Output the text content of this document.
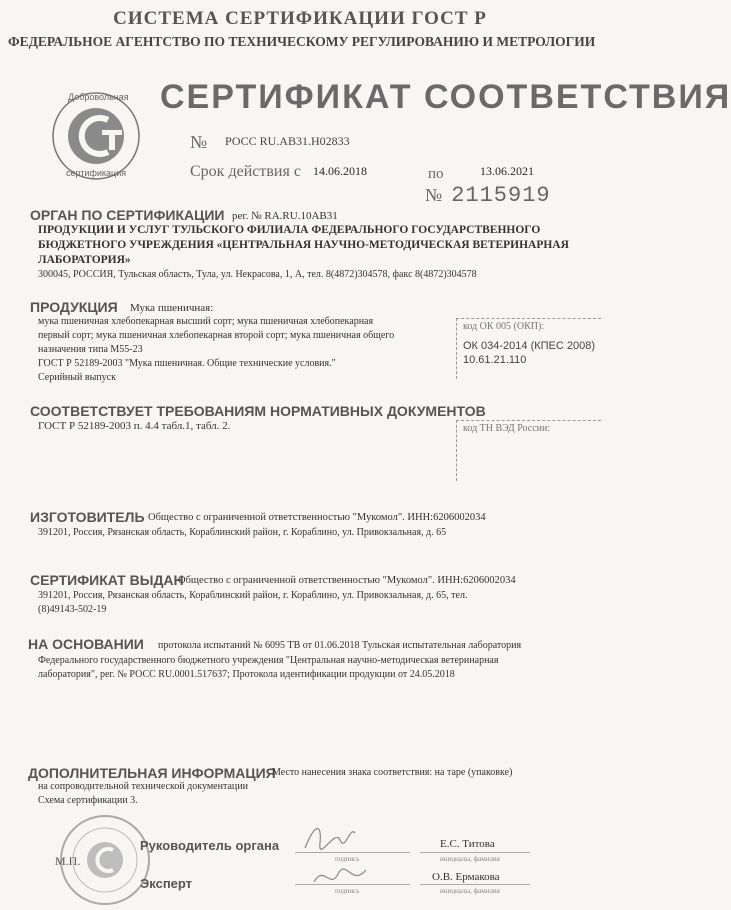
СИСТЕМА СЕРТИФИКАЦИИ ГОСТ Р
ФЕДЕРАЛЬНОЕ АГЕНТСТВО ПО ТЕХНИЧЕСКОМУ РЕГУЛИРОВАНИЮ И МЕТРОЛОГИИ
Добровольная
сертификация
СЕРТИФИКАТ СООТВЕТСТВИЯ
№ РОСС RU.АВ31.Н02833
Срок действия с 14.06.2018	по	13.06.2021
№ 2115919
ОРГАН ПО СЕРТИФИКАЦИИ рег. № RA.RU.10АВ31
ПРОДУКЦИИ И УСЛУГ ТУЛЬСКОГО ФИЛИАЛА ФЕДЕРАЛЬНОГО ГОСУДАРСТВЕННОГО
БЮДЖЕТНОГО УЧРЕЖДЕНИЯ «ЦЕНТРАЛЬНАЯ НАУЧНО-МЕТОДИЧЕСКАЯ ВЕТЕРИНАРНАЯ
ЛАБОРАТОРИЯ»
300045, РОССИЯ, Тульская область, Тула, ул. Некрасова, 1, А, тел. 8(4872)304578, факс 8(4872)304578
ПРОДУКЦИЯ Мука пшеничная:
мука пшеничная хлебопекарная высший сорт; мука пшеничная хлебопекарная
первый сорт; мука пшеничная хлебопекарная второй сорт; мука пшеничная общего
назначения типа М55-23
ГОСТ Р 52189-2003 "Мука пшеничная. Общие технические условия."
Серийный выпуск
код ОК 005 (ОКП):
ОК 034-2014 (КПЕС 2008)
10.61.21.110
СООТВЕТСТВУЕТ ТРЕБОВАНИЯМ НОРМАТИВНЫХ ДОКУМЕНТОВ
ГОСТ Р 52189-2003 п. 4.4 табл.1, табл. 2.	код ТН ВЭД России:
ИЗГОТОВИТЕЛЬ Общество с ограниченной ответственностью "Мукомол". ИНН:6206002034
391201, Россия, Рязанская область, Кораблинский район, г. Кораблино, ул. Привокзальная, д. 65
СЕРТИФИКАТ ВЫДАН
Общество с ограниченной ответственностью "Мукомол". ИНН:6206002034
391201, Россия, Рязанская область, Кораблинский район, г. Кораблино, ул. Привокзальная, д. 65, тел.
(8)49143-502-19
НА ОСНОВАНИИ протокола испытаний № 6095 ТВ от 01.06.2018 Тульская испытательная лаборатория
Федерального государственного бюджетного учреждения "Центральная научно-методическая ветеринарная
лаборатория", рег. № РОСС RU.0001.517637; Протокола идентификации продукции от 24.05.2018
ДОПОЛНИТЕЛЬНАЯ ИНФОРМАЦИЯ
Место нанесения знака соответствия: на таре (упаковке)
на сопроводительной технической документации
Схема сертификации 3.
М.П.
Руководитель органа
подпись
Е.С. Титова
инициалы, фамилия
Эксперт	подпись
О.В. Ермакова
инициалы, фамилия
